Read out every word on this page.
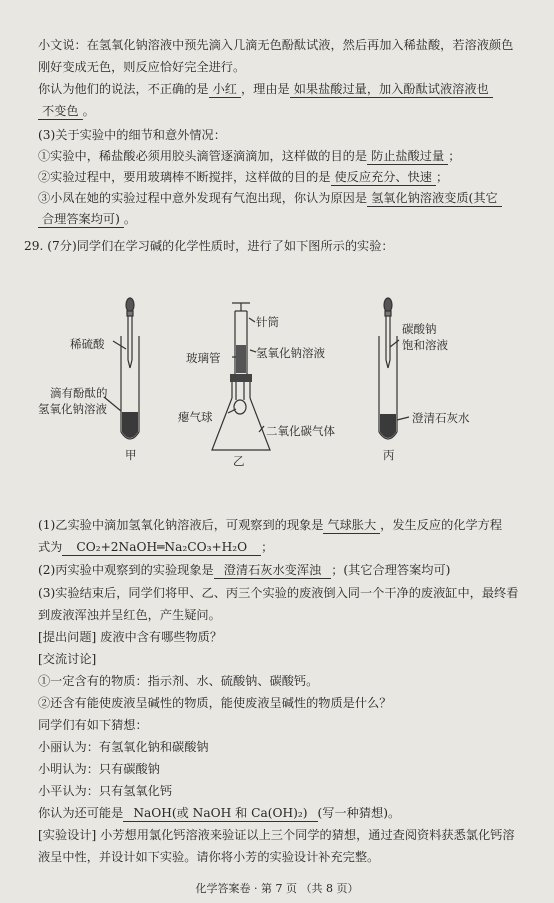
小文说：在氢氧化钠溶液中预先滴入几滴无色酚酞试液，然后再加入稀盐酸，若溶液颜色
刚好变成无色，则反应恰好完全进行。
你认为他们的说法，不正确的是 小红 ，理由是 如果盐酸过量，加入酚酞试液溶液也
不变色 。
(3)关于实验中的细节和意外情况：
①实验中，稀盐酸必须用胶头滴管逐滴滴加，这样做的目的是 防止盐酸过量 ；
②实验过程中，要用玻璃棒不断搅拌，这样做的目的是 使反应充分、快速 ；
③小凤在她的实验过程中意外发现有气泡出现，你认为原因是 氢氧化钠溶液变质(其它
合理答案均可) 。
29. (7分)同学们在学习碱的化学性质时，进行了如下图所示的实验：
稀硫酸
滴有酚酞的
氢氧化钠溶液
甲
针筒
玻璃管	氢氧化钠溶液
瘪气球
二氧化碳气体
乙
碳酸钠
饱和溶液
澄清石灰水
丙
(1)乙实验中滴加氢氧化钠溶液后，可观察到的现象是 气球胀大 ，发生反应的化学方程
式为 CO₂+2NaOH═Na₂CO₃+H₂O ；
(2)丙实验中观察到的实验现象是 澄清石灰水变浑浊 ；(其它合理答案均可)
(3)实验结束后，同学们将甲、乙、丙三个实验的废液倒入同一个干净的废液缸中，最终看
到废液浑浊并呈红色，产生疑问。
[提出问题] 废液中含有哪些物质？
[交流讨论]
①一定含有的物质：指示剂、水、硫酸钠、碳酸钙。
②还含有能使废液呈碱性的物质，能使废液呈碱性的物质是什么？
同学们有如下猜想：
小丽认为：有氢氧化钠和碳酸钠
小明认为：只有碳酸钠
小平认为：只有氢氧化钙
你认为还可能是 NaOH(或 NaOH 和 Ca(OH)₂) (写一种猜想)。
[实验设计] 小芳想用氯化钙溶液来验证以上三个同学的猜想，通过查阅资料获悉氯化钙溶
液呈中性，并设计如下实验。请你将小芳的实验设计补充完整。
化学答案卷 · 第 7 页 （共 8 页）
